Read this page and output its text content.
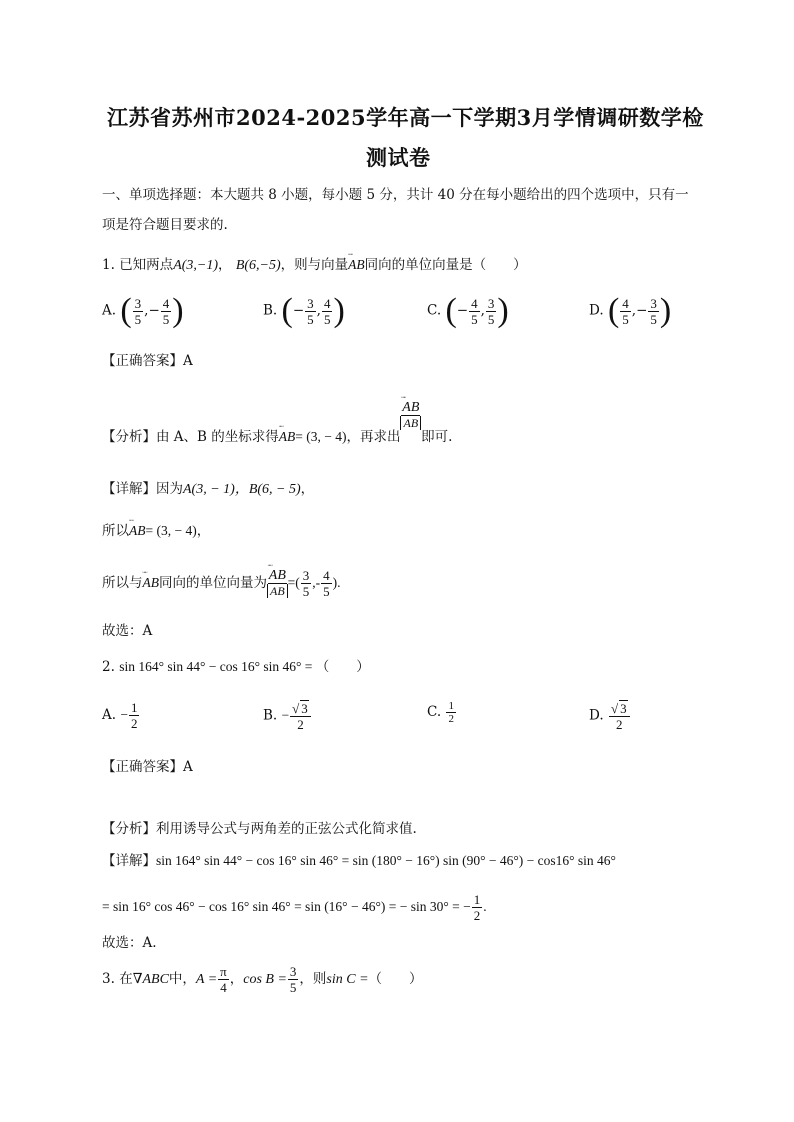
江苏省苏州市2024-2025学年高一下学期3月学情调研数学检
测试卷
一、单项选择题：本大题共 8 小题，每小题 5 分，共计 40 分在每小题给出的四个选项中，只有一
项是符合题目要求的.
1. 已知两点A(3,−1)， B(6,−5)，则与向量ᵕᵕᵕ AB同向的单位向量是（　　）
A. ( $\frac{3}{5}$ ,− $\frac{4}{5}$ )	B. (− $\frac{3}{5}$ , $\frac{4}{5}$ )	C. (− $\frac{4}{5}$ , $\frac{3}{5}$ )	D. ( $\frac{4}{5}$ ,− $\frac{3}{5}$ )
【正确答案】A
【分析】由 A、B 的坐标求得ᵕᵕᵕ AB= (3, − 4)，再求出
ᵕᵕᵕ $\frac{AB}{AB}$
即可.
【详解】因为A(3, − 1)，B(6, − 5)，
所以ᵕᵕᵕ AB= (3, − 4)，
所以与ᵕᵕᵕ AB同向的单位向量为
ᵕᵕᵕ $\frac{AB}{AB}$ =( $\frac{3}{5}$ ,- $\frac{4}{5}$ ).
故选：A
2. sin 164° sin 44° − cos 16° sin 46° = （　　）
A. − $\frac{1}{2}$	B. − $\frac{√ 3}{2}$	C. $\frac{1}{2}$	D. $\frac{√ 3}{2}$
【正确答案】A
【分析】利用诱导公式与两角差的正弦公式化简求值.
【详解】sin 164° sin 44° − cos 16° sin 46° = sin (180° − 16°) sin (90° − 46°) − cos16° sin 46°
= sin 16° cos 46° − cos 16° sin 46° = sin (16° − 46°) = − sin 30° = − $\frac{1}{2}$ .
故选：A.
3. 在∇ABC中，$A = \frac{\pi}{4}$ ，$\cos B = \frac{3}{5}$ ，则sin C =（　　）
